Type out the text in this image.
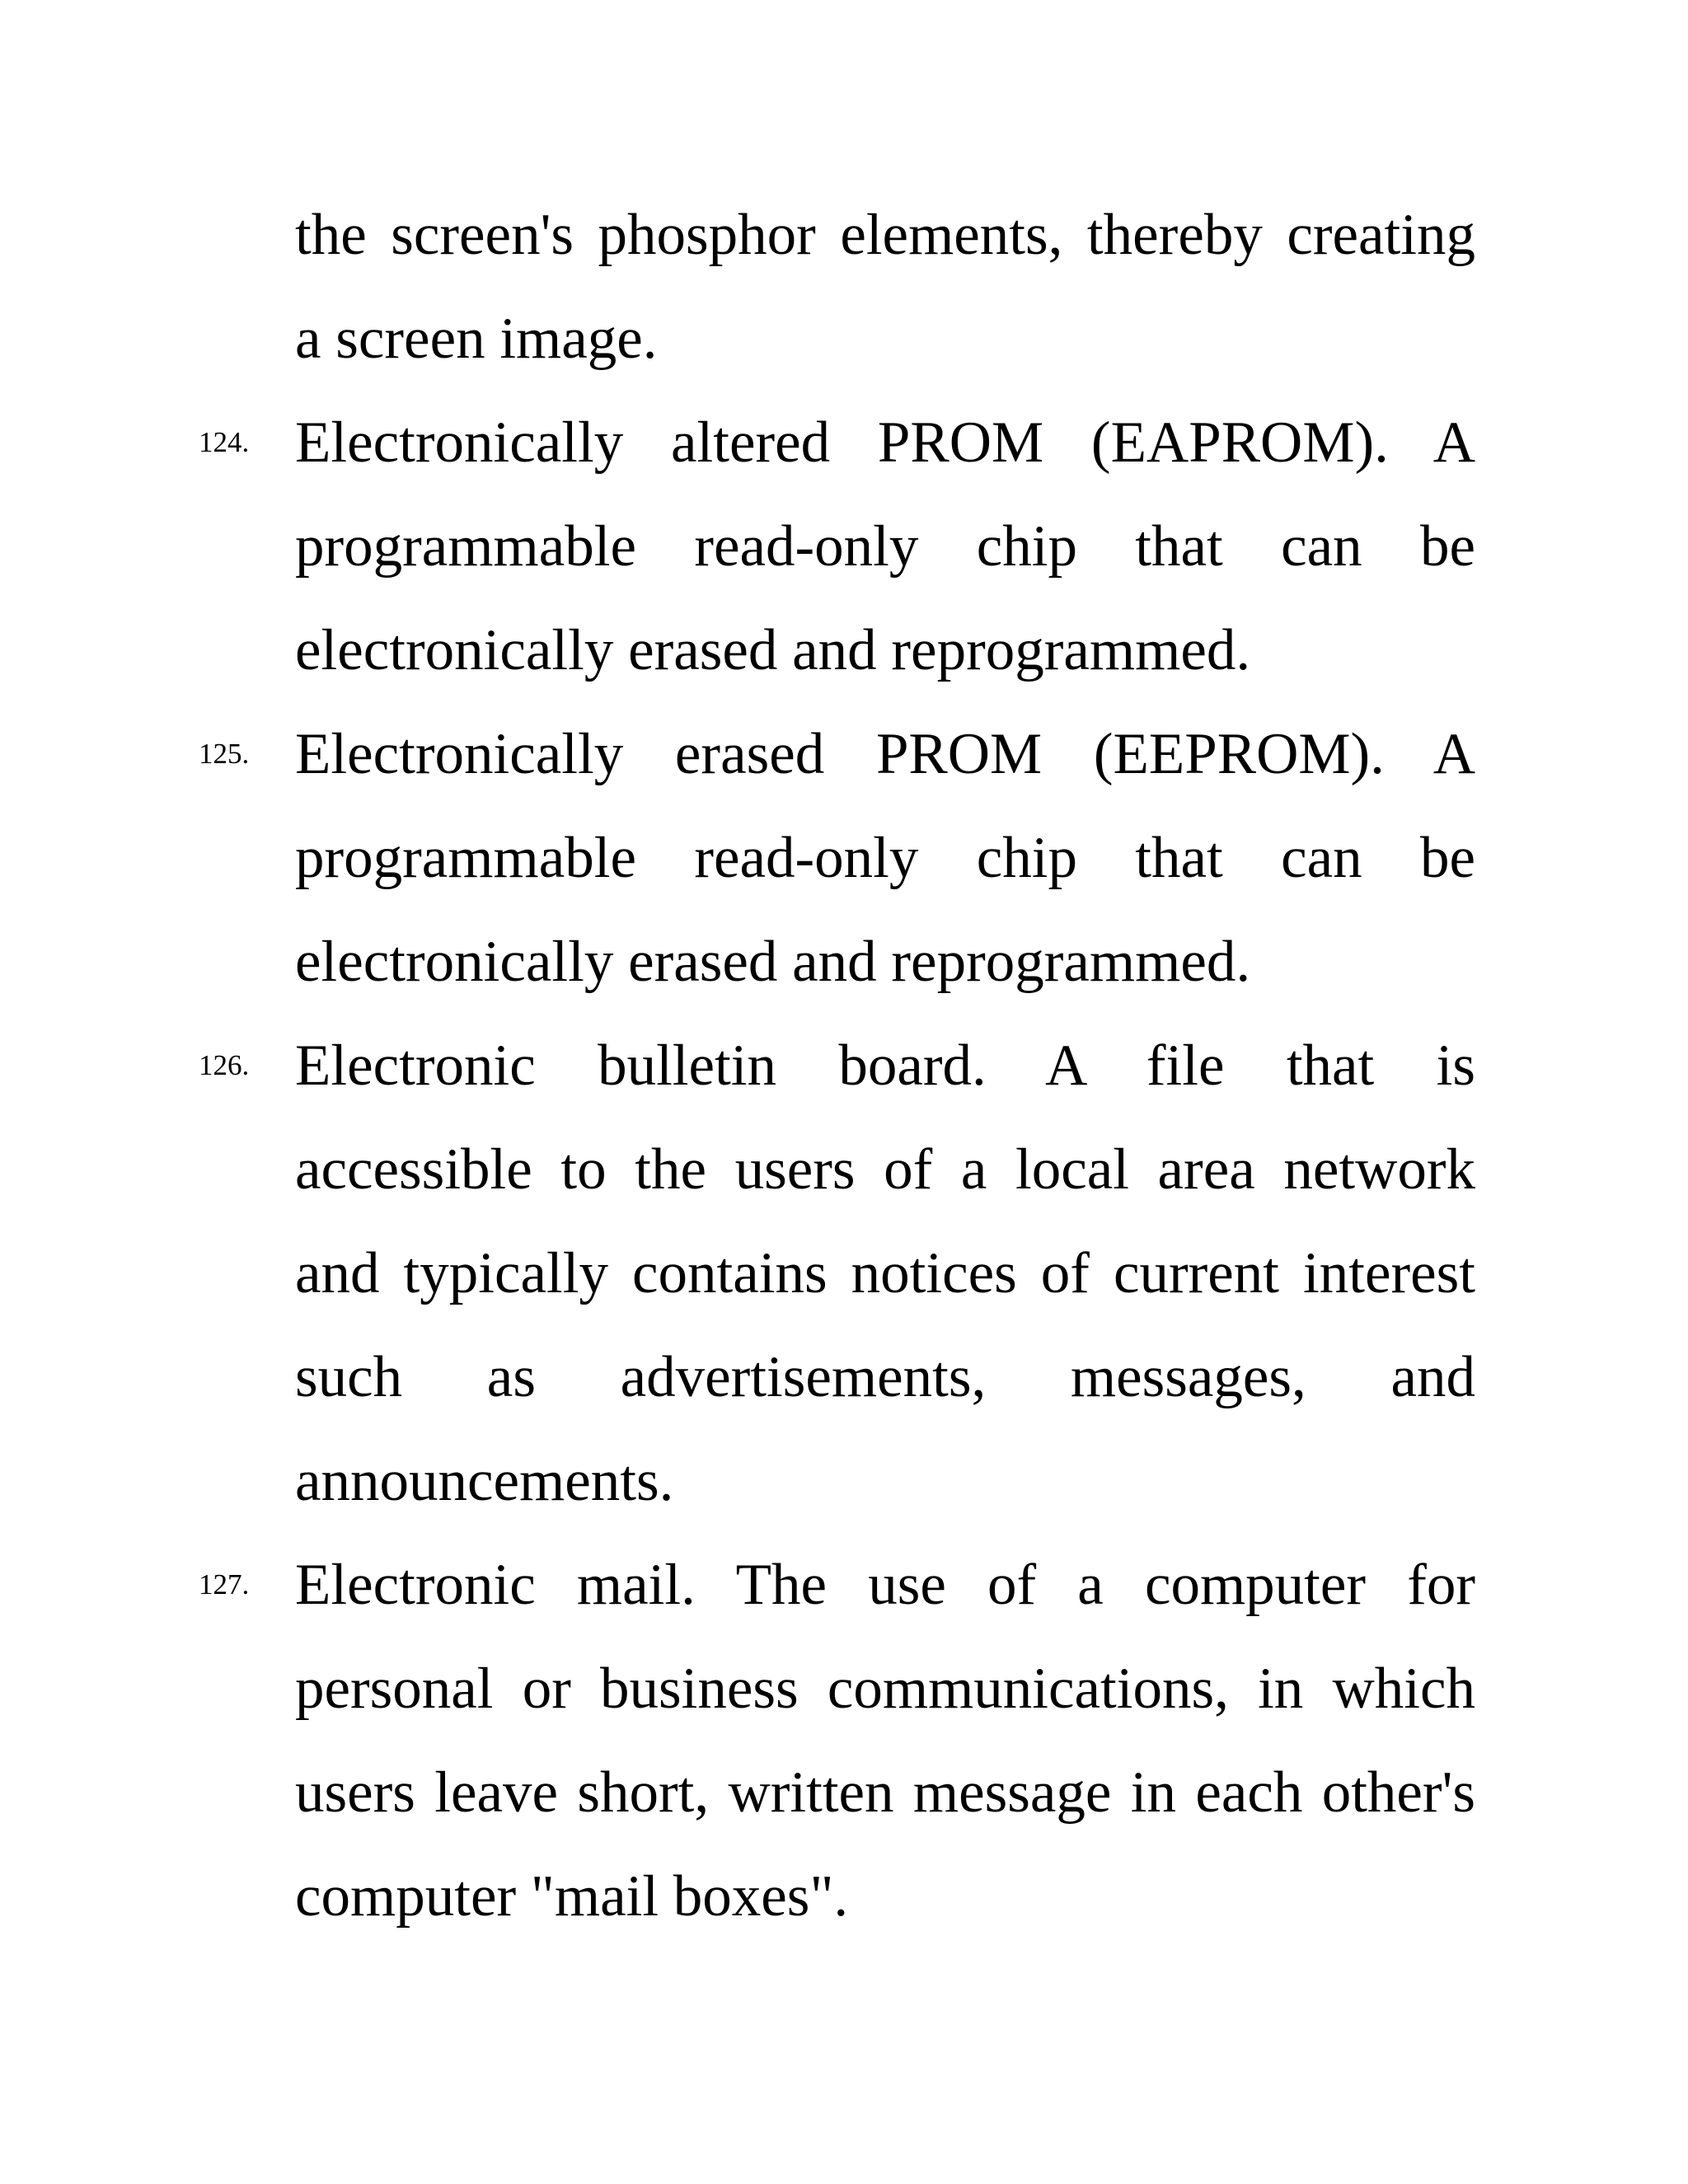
the screen's phosphor elements, thereby creating
a screen image.
124. Electronically altered PROM (EAPROM). A
programmable read-only chip that can be
electronically erased and reprogrammed.
125. Electronically erased PROM (EEPROM). A
programmable read-only chip that can be
electronically erased and reprogrammed.
126. Electronic bulletin board. A file that is
accessible to the users of a local area network
and typically contains notices of current interest
such as advertisements, messages, and
announcements.
127. Electronic mail. The use of a computer for
personal or business communications, in which
users leave short, written message in each other's
computer "mail boxes".
